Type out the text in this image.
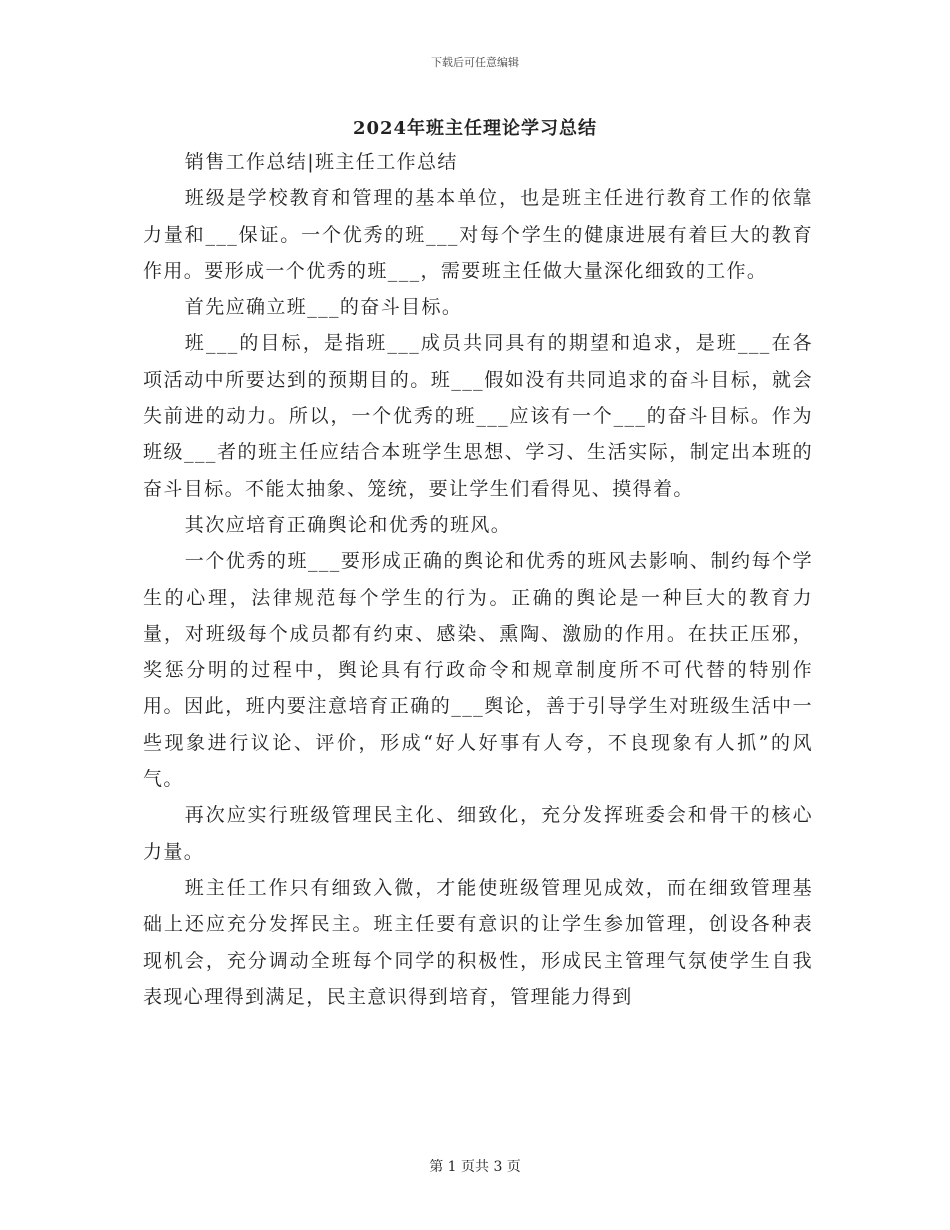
下载后可任意编辑
2024年班主任理论学习总结

销售工作总结|班主任工作总结

班级是学校教育和管理的基本单位，也是班主任进行教育工作的依靠力量和___保证。一个优秀的班___对每个学生的健康进展有着巨大的教育作用。要形成一个优秀的班___，需要班主任做大量深化细致的工作。

首先应确立班___的奋斗目标。

班___的目标，是指班___成员共同具有的期望和追求，是班___在各项活动中所要达到的预期目的。班___假如没有共同追求的奋斗目标，就会失前进的动力。所以，一个优秀的班___应该有一个___的奋斗目标。作为班级___者的班主任应结合本班学生思想、学习、生活实际，制定出本班的奋斗目标。不能太抽象、笼统，要让学生们看得见、摸得着。

其次应培育正确舆论和优秀的班风。

一个优秀的班___要形成正确的舆论和优秀的班风去影响、制约每个学生的心理，法律规范每个学生的行为。正确的舆论是一种巨大的教育力量，对班级每个成员都有约束、感染、熏陶、激励的作用。在扶正压邪，奖惩分明的过程中，舆论具有行政命令和规章制度所不可代替的特别作用。因此，班内要注意培育正确的___舆论，善于引导学生对班级生活中一些现象进行议论、评价，形成“好人好事有人夸，不良现象有人抓”的风气。

再次应实行班级管理民主化、细致化，充分发挥班委会和骨干的核心力量。

班主任工作只有细致入微，才能使班级管理见成效，而在细致管理基础上还应充分发挥民主。班主任要有意识的让学生参加管理，创设各种表现机会，充分调动全班每个同学的积极性，形成民主管理气氛使学生自我表现心理得到满足，民主意识得到培育，管理能力得到

第 1 页共 3 页
